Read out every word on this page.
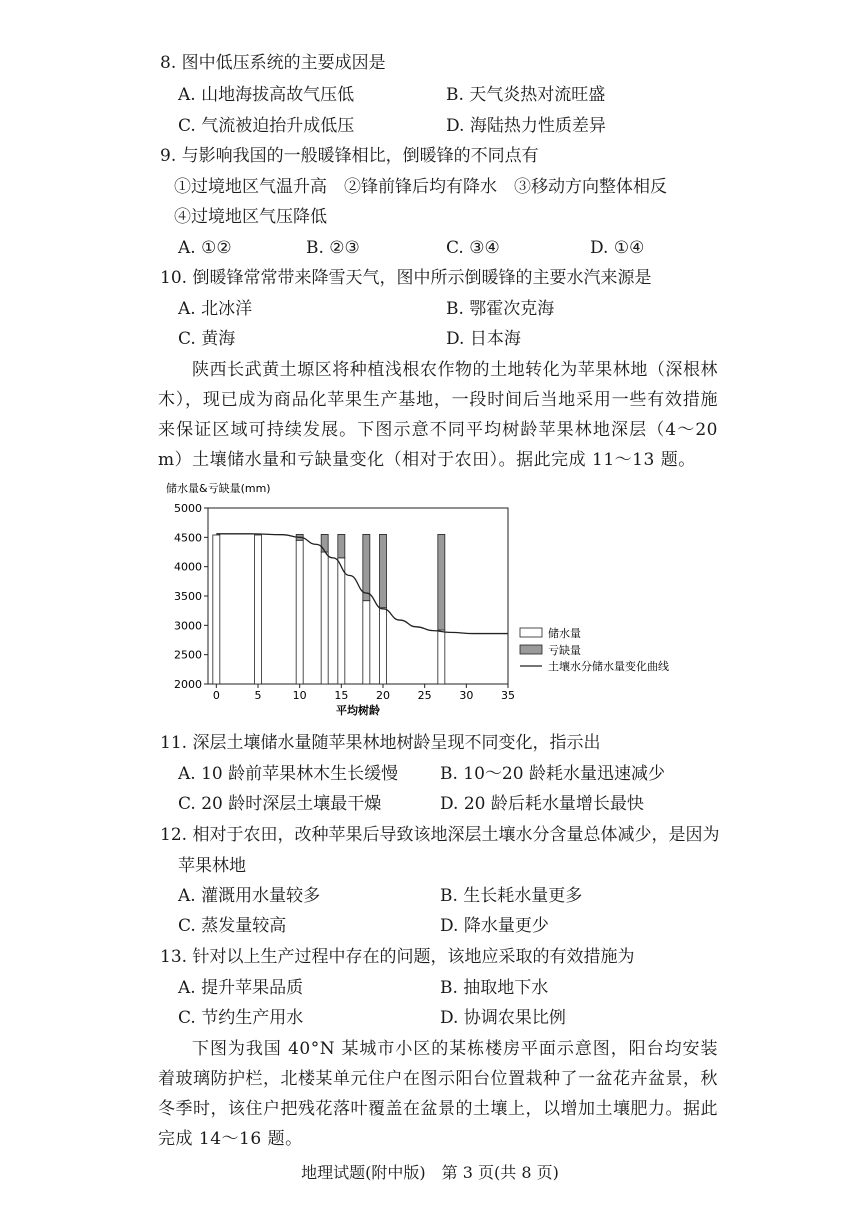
8. 图中低压系统的主要成因是
A. 山地海拔高故气压低	B. 天气炎热对流旺盛
C. 气流被迫抬升成低压	D. 海陆热力性质差异
9. 与影响我国的一般暖锋相比，倒暖锋的不同点有
①过境地区气温升高　②锋前锋后均有降水　③移动方向整体相反
④过境地区气压降低
A. ①②	B. ②③	C. ③④	D. ①④
10. 倒暖锋常常带来降雪天气，图中所示倒暖锋的主要水汽来源是
A. 北冰洋	B. 鄂霍次克海
C. 黄海	D. 日本海

陕西长武黄土塬区将种植浅根农作物的土地转化为苹果林地（深根林木），现已成为商品化苹果生产基地，一段时间后当地采用一些有效措施来保证区域可持续发展。下图示意不同平均树龄苹果林地深层（4～20 m）土壤储水量和亏缺量变化（相对于农田）。据此完成 11～13 题。

储水量&亏缺量(mm)
5000
4500
4000
3500
3000
2500
2000
0	5	10	15	20	25	30	35
平均树龄
储水量
亏缺量
土壤水分储水量变化曲线
11. 深层土壤储水量随苹果林地树龄呈现不同变化，指示出
A. 10 龄前苹果林木生长缓慢 B. 10～20 龄耗水量迅速减少
C. 20 龄时深层土壤最干燥	D. 20 龄后耗水量增长最快
12. 相对于农田，改种苹果后导致该地深层土壤水分含量总体减少，是因为
苹果林地
A. 灌溉用水量较多	B. 生长耗水量更多
C. 蒸发量较高	D. 降水量更少
13. 针对以上生产过程中存在的问题，该地应采取的有效措施为
A. 提升苹果品质	B. 抽取地下水
C. 节约生产用水	D. 协调农果比例

下图为我国 40°N 某城市小区的某栋楼房平面示意图，阳台均安装着玻璃防护栏，北楼某单元住户在图示阳台位置栽种了一盆花卉盆景，秋冬季时，该住户把残花落叶覆盖在盆景的土壤上，以增加土壤肥力。据此完成 14～16 题。

地理试题(附中版)　第 3 页(共 8 页)
